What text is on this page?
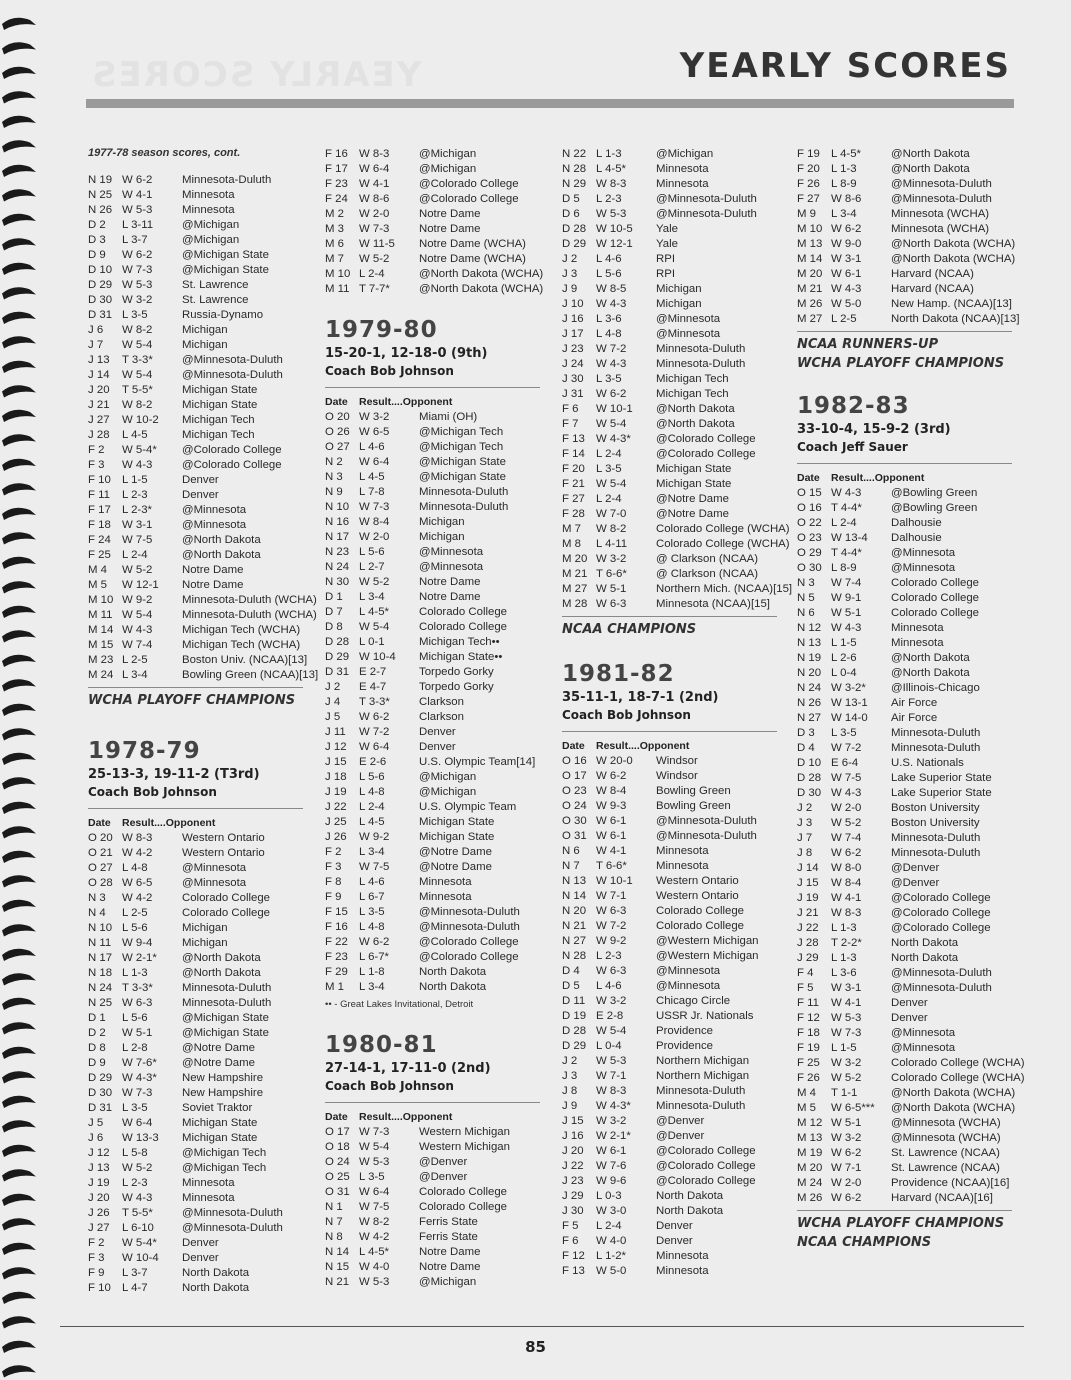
YEARLY SCORES	YEARLY SCORES
1977-78 season scores, cont.
N 19 W 6-2	Minnesota-Duluth
N 25 W 4-1	Minnesota
N 26 W 5-3	Minnesota
D 2 L 3-11	@Michigan
D 3 L 3-7	@Michigan
D 9 W 6-2	@Michigan State
D 10 W 7-3	@Michigan State
D 29 W 5-3	St. Lawrence
D 30 W 3-2	St. Lawrence
D 31 L 3-5	Russia-Dynamo
J 6 W 8-2	Michigan
J 7 W 5-4	Michigan
J 13 T 3-3*	@Minnesota-Duluth
J 14 W 5-4	@Minnesota-Duluth
J 20 T 5-5*	Michigan State
J 21 W 8-2	Michigan State
J 27 W 10-2 Michigan Tech
J 28 L 4-5	Michigan Tech
F 2 W 5-4* @Colorado College
F 3 W 4-3	@Colorado College
F 10 L 1-5	Denver
F 11 L 2-3	Denver
F 17 L 2-3*	@Minnesota
F 18 W 3-1	@Minnesota
F 24 W 7-5	@North Dakota
F 25 L 2-4	@North Dakota
M 4 W 5-2	Notre Dame
M 5 W 12-1 Notre Dame
M 10 W 9-2	Minnesota-Duluth (WCHA)
M 11 W 5-4	Minnesota-Duluth (WCHA)
M 14 W 4-3	Michigan Tech (WCHA)
M 15 W 7-4	Michigan Tech (WCHA)
M 23 L 2-5	Boston Univ. (NCAA)[13]
M 24 L 3-4	Bowling Green (NCAA)[13]
WCHA PLAYOFF CHAMPIONS
1978-79
25-13-3, 19-11-2 (T3rd)
Coach Bob Johnson
Date Result....Opponent
O 20 W 8-3	Western Ontario
O 21 W 4-2	Western Ontario
O 27 L 4-8	@Minnesota
O 28 W 6-5	@Minnesota
N 3 W 4-2	Colorado College
N 4 L 2-5	Colorado College
N 10 L 5-6	Michigan
N 11 W 9-4	Michigan
N 17 W 2-1* @North Dakota
N 18 L 1-3	@North Dakota
N 24 T 3-3*	Minnesota-Duluth
N 25 W 6-3	Minnesota-Duluth
D 1 L 5-6	@Michigan State
D 2 W 5-1	@Michigan State
D 8 L 2-8	@Notre Dame
D 9 W 7-6* @Notre Dame
D 29 W 4-3* New Hampshire
D 30 W 7-3	New Hampshire
D 31 L 3-5	Soviet Traktor
J 5 W 6-4	Michigan State
J 6 W 13-3 Michigan State
J 12 L 5-8	@Michigan Tech
J 13 W 5-2	@Michigan Tech
J 19 L 2-3	Minnesota
J 20 W 4-3	Minnesota
J 26 T 5-5*	@Minnesota-Duluth
J 27 L 6-10 @Minnesota-Duluth
F 2 W 5-4* Denver
F 3 W 10-4 Denver
F 9 L 3-7	North Dakota
F 10 L 4-7	North Dakota
F 16 W 8-3	@Michigan
F 17 W 6-4	@Michigan
F 23 W 4-1	@Colorado College
F 24 W 8-6	@Colorado College
M 2 W 2-0	Notre Dame
M 3 W 7-3	Notre Dame
M 6 W 11-5 Notre Dame (WCHA)
M 7 W 5-2	Notre Dame (WCHA)
M 10 L 2-4	@North Dakota (WCHA)
M 11 T 7-7*	@North Dakota (WCHA)
1979-80
15-20-1, 12-18-0 (9th)
Coach Bob Johnson
Date Result....Opponent
O 20 W 3-2	Miami (OH)
O 26 W 6-5	@Michigan Tech
O 27 L 4-6	@Michigan Tech
N 2 W 6-4	@Michigan State
N 3 L 4-5	@Michigan State
N 9 L 7-8	Minnesota-Duluth
N 10 W 7-3	Minnesota-Duluth
N 16 W 8-4	Michigan
N 17 W 2-0	Michigan
N 23 L 5-6	@Minnesota
N 24 L 2-7	@Minnesota
N 30 W 5-2	Notre Dame
D 1 L 3-4	Notre Dame
D 7 L 4-5*	Colorado College
D 8 W 5-4	Colorado College
D 28 L 0-1	Michigan Tech••
D 29 W 10-4 Michigan State••
D 31 E 2-7	Torpedo Gorky
J 2 E 4-7	Torpedo Gorky
J 4 T 3-3*	Clarkson
J 5 W 6-2	Clarkson
J 11 W 7-2	Denver
J 12 W 6-4	Denver
J 15 E 2-6	U.S. Olympic Team[14]
J 18 L 5-6	@Michigan
J 19 L 4-8	@Michigan
J 22 L 2-4	U.S. Olympic Team
J 25 L 4-5	Michigan State
J 26 W 9-2	Michigan State
F 2 L 3-4	@Notre Dame
F 3 W 7-5	@Notre Dame
F 8 L 4-6	Minnesota
F 9 L 6-7	Minnesota
F 15 L 3-5	@Minnesota-Duluth
F 16 L 4-8	@Minnesota-Duluth
F 22 W 6-2	@Colorado College
F 23 L 6-7*	@Colorado College
F 29 L 1-8	North Dakota
M 1 L 3-4	North Dakota
•• - Great Lakes Invitational, Detroit
1980-81
27-14-1, 17-11-0 (2nd)
Coach Bob Johnson
Date Result....Opponent
O 17 W 7-3	Western Michigan
O 18 W 5-4	Western Michigan
O 24 W 5-3	@Denver
O 25 L 3-5	@Denver
O 31 W 6-4	Colorado College
N 1 W 7-5	Colorado College
N 7 W 8-2	Ferris State
N 8 W 4-2	Ferris State
N 14 L 4-5*	Notre Dame
N 15 W 4-0	Notre Dame
N 21 W 5-3	@Michigan
N 22 L 1-3	@Michigan
N 28 L 4-5*	Minnesota
N 29 W 8-3	Minnesota
D 5 L 2-3	@Minnesota-Duluth
D 6 W 5-3	@Minnesota-Duluth
D 28 W 10-5 Yale
D 29 W 12-1 Yale
J 2 L 4-6	RPI
J 3 L 5-6	RPI
J 9 W 8-5	Michigan
J 10 W 4-3	Michigan
J 16 L 3-6	@Minnesota
J 17 L 4-8	@Minnesota
J 23 W 7-2	Minnesota-Duluth
J 24 W 4-3	Minnesota-Duluth
J 30 L 3-5	Michigan Tech
J 31 W 6-2	Michigan Tech
F 6 W 10-1 @North Dakota
F 7 W 5-4	@North Dakota
F 13 W 4-3* @Colorado College
F 14 L 2-4	@Colorado College
F 20 L 3-5	Michigan State
F 21 W 5-4	Michigan State
F 27 L 2-4	@Notre Dame
F 28 W 7-0	@Notre Dame
M 7 W 8-2	Colorado College (WCHA)
M 8 L 4-11	Colorado College (WCHA)
M 20 W 3-2	@ Clarkson (NCAA)
M 21 T 6-6*	@ Clarkson (NCAA)
M 27 W 5-1	Northern Mich. (NCAA)[15]
M 28 W 6-3	Minnesota (NCAA)[15]
NCAA CHAMPIONS
1981-82
35-11-1, 18-7-1 (2nd)
Coach Bob Johnson
Date Result....Opponent
O 16 W 20-0 Windsor
O 17 W 6-2	Windsor
O 23 W 8-4	Bowling Green
O 24 W 9-3	Bowling Green
O 30 W 6-1	@Minnesota-Duluth
O 31 W 6-1	@Minnesota-Duluth
N 6 W 4-1	Minnesota
N 7 T 6-6*	Minnesota
N 13 W 10-1 Western Ontario
N 14 W 7-1	Western Ontario
N 20 W 6-3	Colorado College
N 21 W 7-2	Colorado College
N 27 W 9-2	@Western Michigan
N 28 L 2-3	@Western Michigan
D 4 W 6-3	@Minnesota
D 5 L 4-6	@Minnesota
D 11 W 3-2	Chicago Circle
D 19 E 2-8	USSR Jr. Nationals
D 28 W 5-4	Providence
D 29 L 0-4	Providence
J 2 W 5-3	Northern Michigan
J 3 W 7-1	Northern Michigan
J 8 W 8-3	Minnesota-Duluth
J 9 W 4-3* Minnesota-Duluth
J 15 W 3-2	@Denver
J 16 W 2-1* @Denver
J 20 W 6-1	@Colorado College
J 22 W 7-6	@Colorado College
J 23 W 9-6	@Colorado College
J 29 L 0-3	North Dakota
J 30 W 3-0	North Dakota
F 5 L 2-4	Denver
F 6 W 4-0	Denver
F 12 L 1-2*	Minnesota
F 13 W 5-0	Minnesota
F 19 L 4-5*	@North Dakota
F 20 L 1-3	@North Dakota
F 26 L 8-9	@Minnesota-Duluth
F 27 W 8-6	@Minnesota-Duluth
M 9 L 3-4	Minnesota (WCHA)
M 10 W 6-2	Minnesota (WCHA)
M 13 W 9-0	@North Dakota (WCHA)
M 14 W 3-1	@North Dakota (WCHA)
M 20 W 6-1	Harvard (NCAA)
M 21 W 4-3	Harvard (NCAA)
M 26 W 5-0	New Hamp. (NCAA)[13]
M 27 L 2-5	North Dakota (NCAA)[13]
NCAA RUNNERS-UP
WCHA PLAYOFF CHAMPIONS
1982-83
33-10-4, 15-9-2 (3rd)
Coach Jeff Sauer
Date Result....Opponent
O 15 W 4-3	@Bowling Green
O 16 T 4-4*	@Bowling Green
O 22 L 2-4	Dalhousie
O 23 W 13-4 Dalhousie
O 29 T 4-4*	@Minnesota
O 30 L 8-9	@Minnesota
N 3 W 7-4	Colorado College
N 5 W 9-1	Colorado College
N 6 W 5-1	Colorado College
N 12 W 4-3	Minnesota
N 13 L 1-5	Minnesota
N 19 L 2-6	@North Dakota
N 20 L 0-4	@North Dakota
N 24 W 3-2* @Illinois-Chicago
N 26 W 13-1 Air Force
N 27 W 14-0 Air Force
D 3 L 3-5	Minnesota-Duluth
D 4 W 7-2	Minnesota-Duluth
D 10 E 6-4	U.S. Nationals
D 28 W 7-5	Lake Superior State
D 30 W 4-3	Lake Superior State
J 2 W 2-0	Boston University
J 3 W 5-2	Boston University
J 7 W 7-4	Minnesota-Duluth
J 8 W 6-2	Minnesota-Duluth
J 14 W 8-0	@Denver
J 15 W 8-4	@Denver
J 19 W 4-1	@Colorado College
J 21 W 8-3	@Colorado College
J 22 L 1-3	@Colorado College
J 28 T 2-2*	North Dakota
J 29 L 1-3	North Dakota
F 4 L 3-6	@Minnesota-Duluth
F 5 W 3-1	@Minnesota-Duluth
F 11 W 4-1	Denver
F 12 W 5-3	Denver
F 18 W 7-3	@Minnesota
F 19 L 1-5	@Minnesota
F 25 W 3-2	Colorado College (WCHA)
F 26 W 5-2	Colorado College (WCHA)
M 4 T 1-1	@North Dakota (WCHA)
M 5 W 6-5*** @North Dakota (WCHA)
M 12 W 5-1	@Minnesota (WCHA)
M 13 W 3-2	@Minnesota (WCHA)
M 19 W 6-2	St. Lawrence (NCAA)
M 20 W 7-1	St. Lawrence (NCAA)
M 24 W 2-0	Providence (NCAA)[16]
M 26 W 6-2	Harvard (NCAA)[16]
WCHA PLAYOFF CHAMPIONS
NCAA CHAMPIONS
85
